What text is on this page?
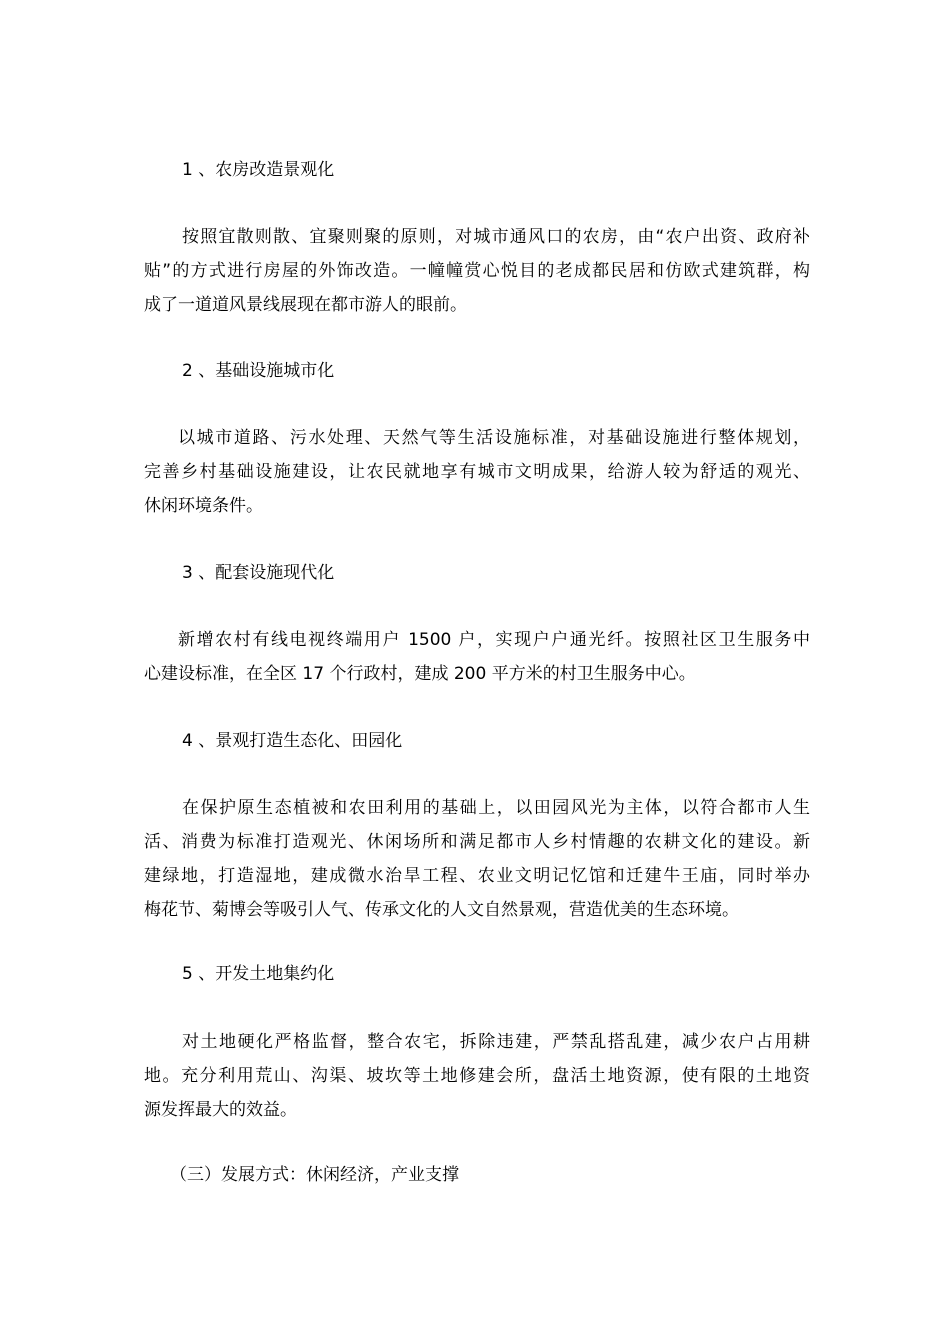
1 、农房改造景观化
按照宜散则散、宜聚则聚的原则，对城市通风口的农房，由“农户出资、政府补
贴”的方式进行房屋的外饰改造。一幢幢赏心悦目的老成都民居和仿欧式建筑群，构
成了一道道风景线展现在都市游人的眼前。
2 、基础设施城市化
以城市道路、污水处理、天然气等生活设施标准，对基础设施进行整体规划，
完善乡村基础设施建设，让农民就地享有城市文明成果，给游人较为舒适的观光、
休闲环境条件。
3 、配套设施现代化
新增农村有线电视终端用户 1500 户，实现户户通光纤。按照社区卫生服务中
心建设标准，在全区 17 个行政村，建成 200 平方米的村卫生服务中心。
4 、景观打造生态化、田园化
在保护原生态植被和农田利用的基础上，以田园风光为主体，以符合都市人生
活、消费为标准打造观光、休闲场所和满足都市人乡村情趣的农耕文化的建设。新
建绿地，打造湿地，建成微水治旱工程、农业文明记忆馆和迁建牛王庙，同时举办
梅花节、菊博会等吸引人气、传承文化的人文自然景观，营造优美的生态环境。
5 、开发土地集约化
对土地硬化严格监督，整合农宅，拆除违建，严禁乱搭乱建，减少农户占用耕
地。充分利用荒山、沟渠、坡坎等土地修建会所，盘活土地资源，使有限的土地资
源发挥最大的效益。
（三）发展方式：休闲经济，产业支撑
